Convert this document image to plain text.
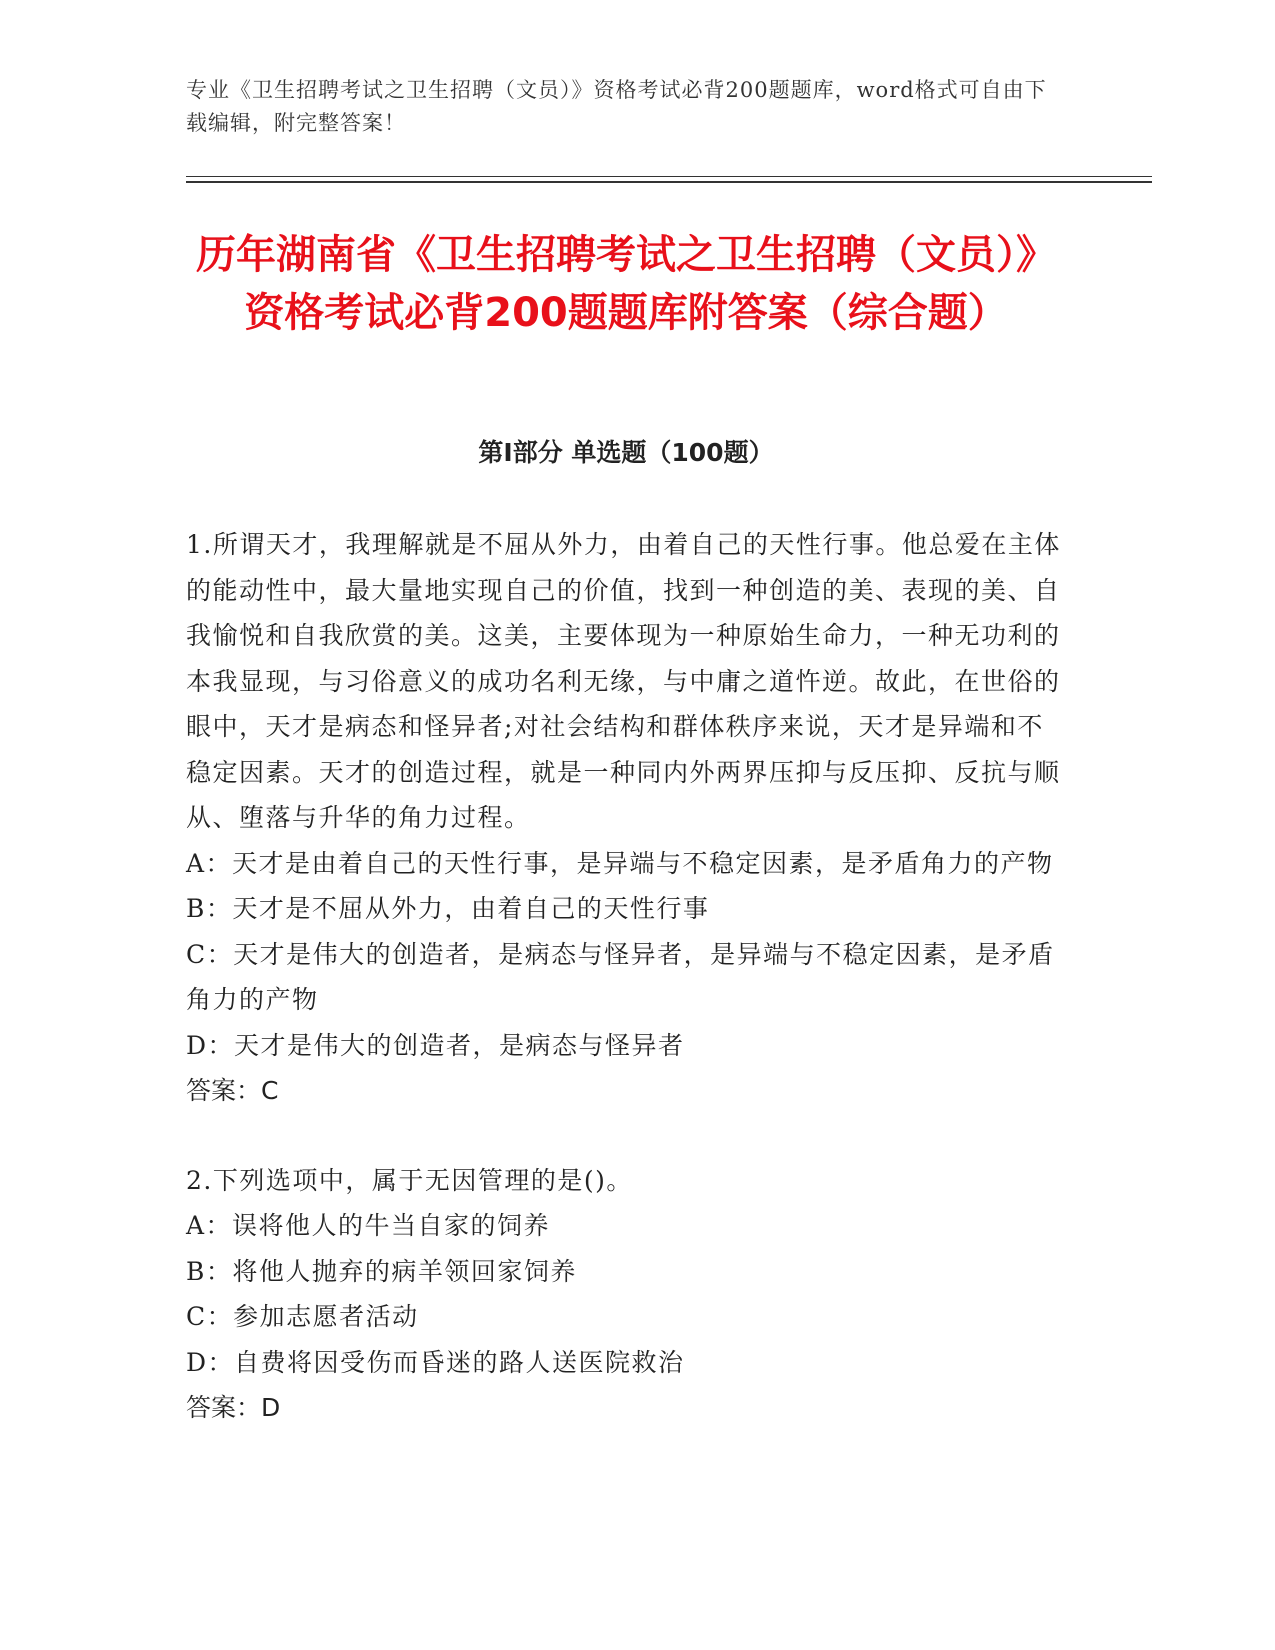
专业《卫生招聘考试之卫生招聘（文员）》资格考试必背200题题库，word格式可自由下载编辑，附完整答案！
历年湖南省《卫生招聘考试之卫生招聘（文员）》资格考试必背200题题库附答案（综合题）
第Ⅰ部分 单选题（100题）
1.所谓天才，我理解就是不屈从外力，由着自己的天性行事。他总爱在主体的能动性中，最大量地实现自己的价值，找到一种创造的美、表现的美、自我愉悦和自我欣赏的美。这美，主要体现为一种原始生命力，一种无功利的本我显现，与习俗意义的成功名利无缘，与中庸之道忤逆。故此，在世俗的眼中，天才是病态和怪异者;对社会结构和群体秩序来说，天才是异端和不稳定因素。天才的创造过程，就是一种同内外两界压抑与反压抑、反抗与顺从、堕落与升华的角力过程。
A：天才是由着自己的天性行事，是异端与不稳定因素，是矛盾角力的产物
B：天才是不屈从外力，由着自己的天性行事
C：天才是伟大的创造者，是病态与怪异者，是异端与不稳定因素，是矛盾角力的产物
D：天才是伟大的创造者，是病态与怪异者
答案：C
2.下列选项中，属于无因管理的是()。
A：误将他人的牛当自家的饲养
B：将他人抛弃的病羊领回家饲养
C：参加志愿者活动
D：自费将因受伤而昏迷的路人送医院救治
答案：D
